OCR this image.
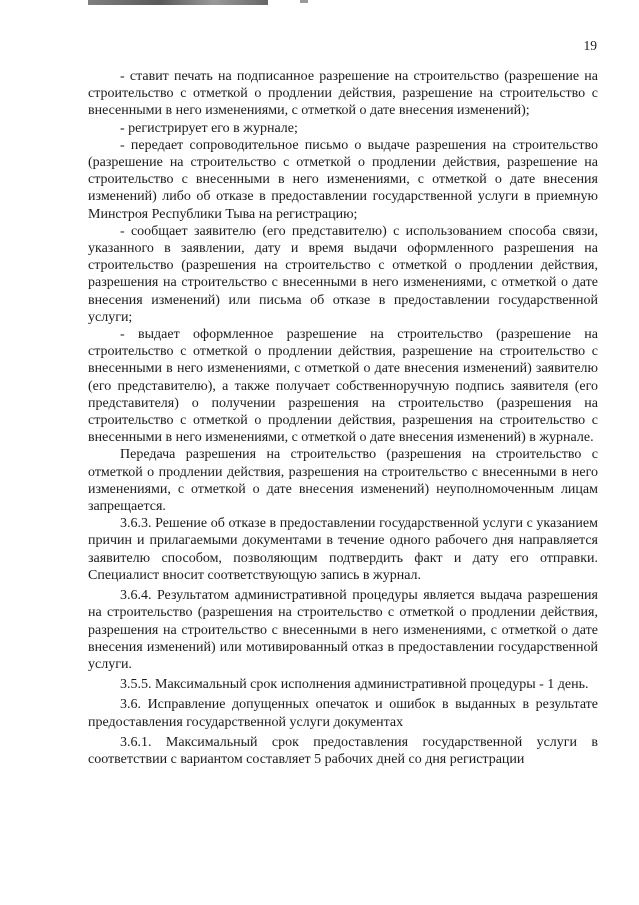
19

- ставит печать на подписанное разрешение на строительство (разрешение на строительство с отметкой о продлении действия, разрешение на строительство с внесенными в него изменениями, с отметкой о дате внесения изменений);

- регистрирует его в журнале;

- передает сопроводительное письмо о выдаче разрешения на строительство (разрешение на строительство с отметкой о продлении действия, разрешение на строительство с внесенными в него изменениями, с отметкой о дате внесения изменений) либо об отказе в предоставлении государственной услуги в приемную Минстроя Республики Тыва на регистрацию;

- сообщает заявителю (его представителю) с использованием способа связи, указанного в заявлении, дату и время выдачи оформленного разрешения на строительство (разрешения на строительство с отметкой о продлении действия, разрешения на строительство с внесенными в него изменениями, с отметкой о дате внесения изменений) или письма об отказе в предоставлении государственной услуги;

- выдает оформленное разрешение на строительство (разрешение на строительство с отметкой о продлении действия, разрешение на строительство с внесенными в него изменениями, с отметкой о дате внесения изменений) заявителю (его представителю), а также получает собственноручную подпись заявителя (его представителя) о получении разрешения на строительство (разрешения на строительство с отметкой о продлении действия, разрешения на строительство с внесенными в него изменениями, с отметкой о дате внесения изменений) в журнале.

Передача разрешения на строительство (разрешения на строительство с отметкой о продлении действия, разрешения на строительство с внесенными в него изменениями, с отметкой о дате внесения изменений) неуполномоченным лицам запрещается.

3.6.3. Решение об отказе в предоставлении государственной услуги с указанием причин и прилагаемыми документами в течение одного рабочего дня направляется заявителю способом, позволяющим подтвердить факт и дату его отправки. Специалист вносит соответствующую запись в журнал.

3.6.4. Результатом административной процедуры является выдача разрешения на строительство (разрешения на строительство с отметкой о продлении действия, разрешения на строительство с внесенными в него изменениями, с отметкой о дате внесения изменений) или мотивированный отказ в предоставлении государственной услуги.

3.5.5. Максимальный срок исполнения административной процедуры - 1 день.

3.6. Исправление допущенных опечаток и ошибок в выданных в результате предоставления государственной услуги документах

3.6.1. Максимальный срок предоставления государственной услуги в соответствии с вариантом составляет 5 рабочих дней со дня регистрации
